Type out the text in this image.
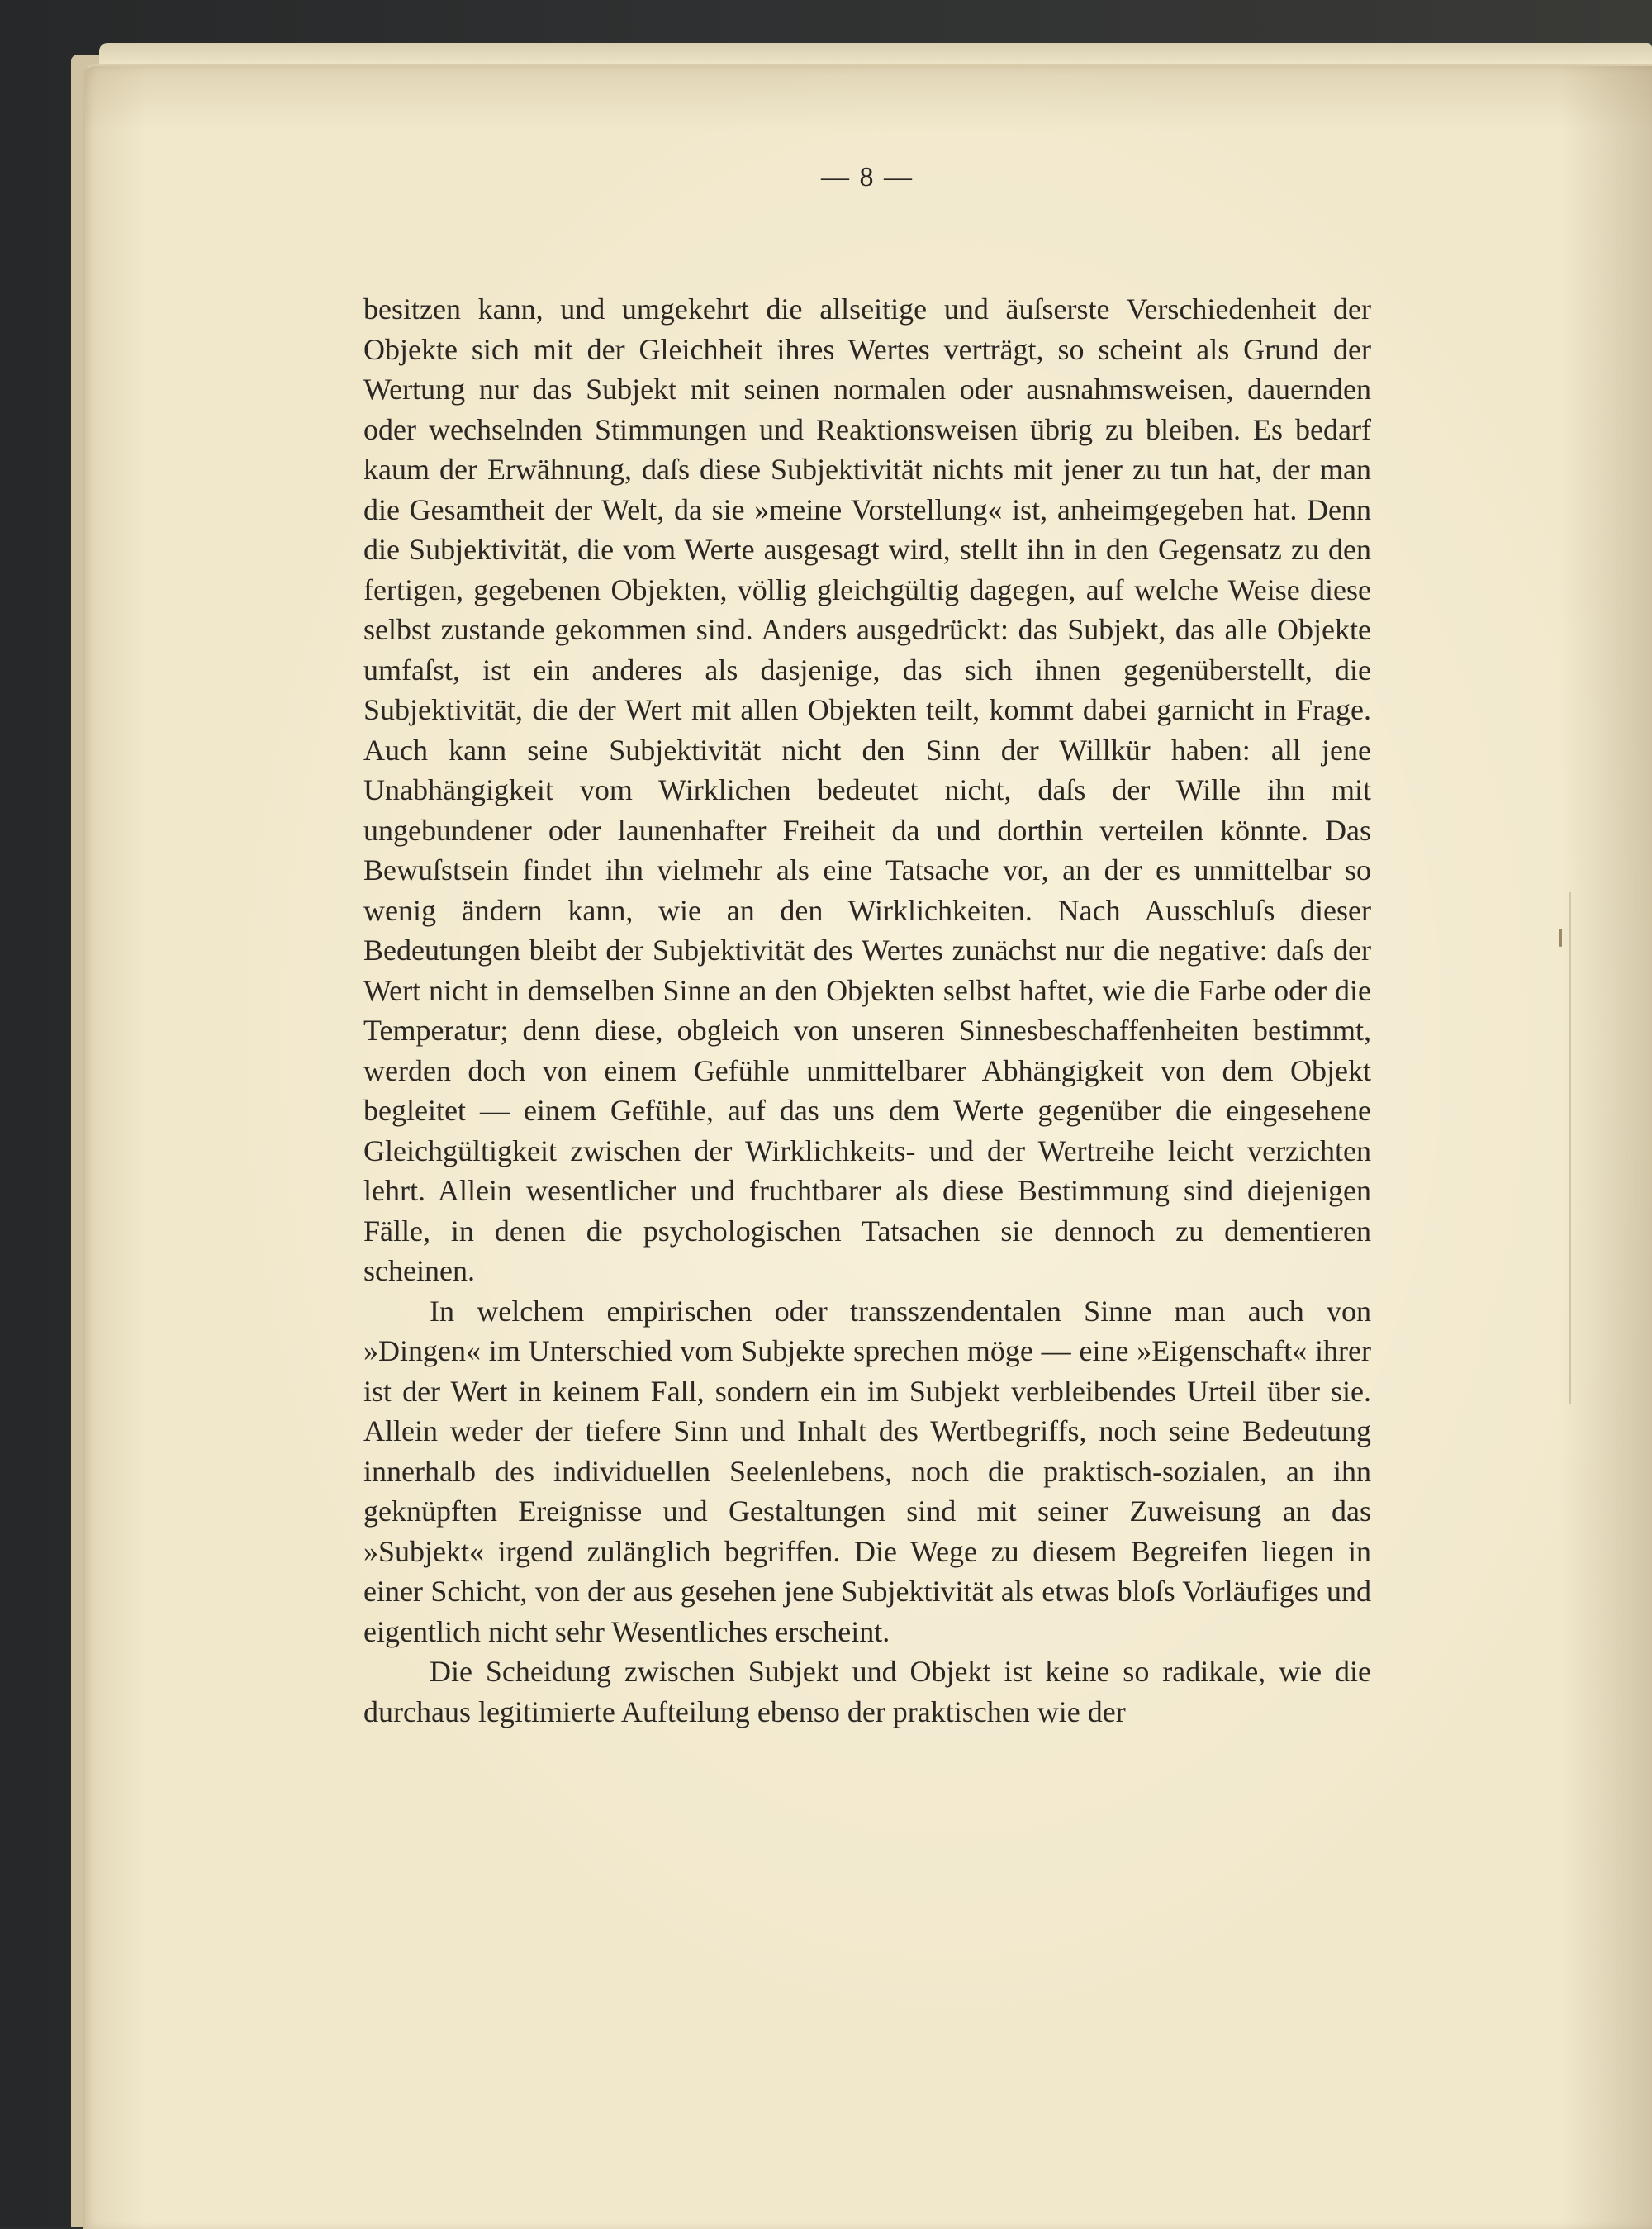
— 8 —

besitzen kann, und umgekehrt die allseitige und äuſserste Verschiedenheit der Objekte sich mit der Gleichheit ihres Wertes verträgt, so scheint als Grund der Wertung nur das Subjekt mit seinen normalen oder ausnahmsweisen, dauernden oder wechselnden Stimmungen und Reaktionsweisen übrig zu bleiben. Es bedarf kaum der Erwähnung, daſs diese Subjektivität nichts mit jener zu tun hat, der man die Gesamtheit der Welt, da sie »meine Vorstellung« ist, anheimgegeben hat. Denn die Subjektivität, die vom Werte ausgesagt wird, stellt ihn in den Gegensatz zu den fertigen, gegebenen Objekten, völlig gleichgültig dagegen, auf welche Weise diese selbst zustande gekommen sind. Anders ausgedrückt: das Subjekt, das alle Objekte umfaſst, ist ein anderes als dasjenige, das sich ihnen gegenüberstellt, die Subjektivität, die der Wert mit allen Objekten teilt, kommt dabei garnicht in Frage. Auch kann seine Subjektivität nicht den Sinn der Willkür haben: all jene Unabhängigkeit vom Wirklichen bedeutet nicht, daſs der Wille ihn mit ungebundener oder launenhafter Freiheit da und dorthin verteilen könnte. Das Bewuſstsein findet ihn vielmehr als eine Tatsache vor, an der es unmittelbar so wenig ändern kann, wie an den Wirklichkeiten. Nach Ausschluſs dieser Bedeutungen bleibt der Subjektivität des Wertes zunächst nur die negative: daſs der Wert nicht in demselben Sinne an den Objekten selbst haftet, wie die Farbe oder die Temperatur; denn diese, obgleich von unseren Sinnesbeschaffenheiten bestimmt, werden doch von einem Gefühle unmittelbarer Abhängigkeit von dem Objekt begleitet — einem Gefühle, auf das uns dem Werte gegenüber die eingesehene Gleichgültigkeit zwischen der Wirklichkeits- und der Wertreihe leicht verzichten lehrt. Allein wesentlicher und fruchtbarer als diese Bestimmung sind diejenigen Fälle, in denen die psychologischen Tatsachen sie dennoch zu dementieren scheinen.

In welchem empirischen oder transszendentalen Sinne man auch von »Dingen« im Unterschied vom Subjekte sprechen möge — eine »Eigenschaft« ihrer ist der Wert in keinem Fall, sondern ein im Subjekt verbleibendes Urteil über sie. Allein weder der tiefere Sinn und Inhalt des Wertbegriffs, noch seine Bedeutung innerhalb des individuellen Seelenlebens, noch die praktisch-sozialen, an ihn geknüpften Ereignisse und Gestaltungen sind mit seiner Zuweisung an das »Subjekt« irgend zulänglich begriffen. Die Wege zu diesem Begreifen liegen in einer Schicht, von der aus gesehen jene Subjektivität als etwas bloſs Vorläufiges und eigentlich nicht sehr Wesentliches erscheint.

Die Scheidung zwischen Subjekt und Objekt ist keine so radikale, wie die durchaus legitimierte Aufteilung ebenso der praktischen wie der
